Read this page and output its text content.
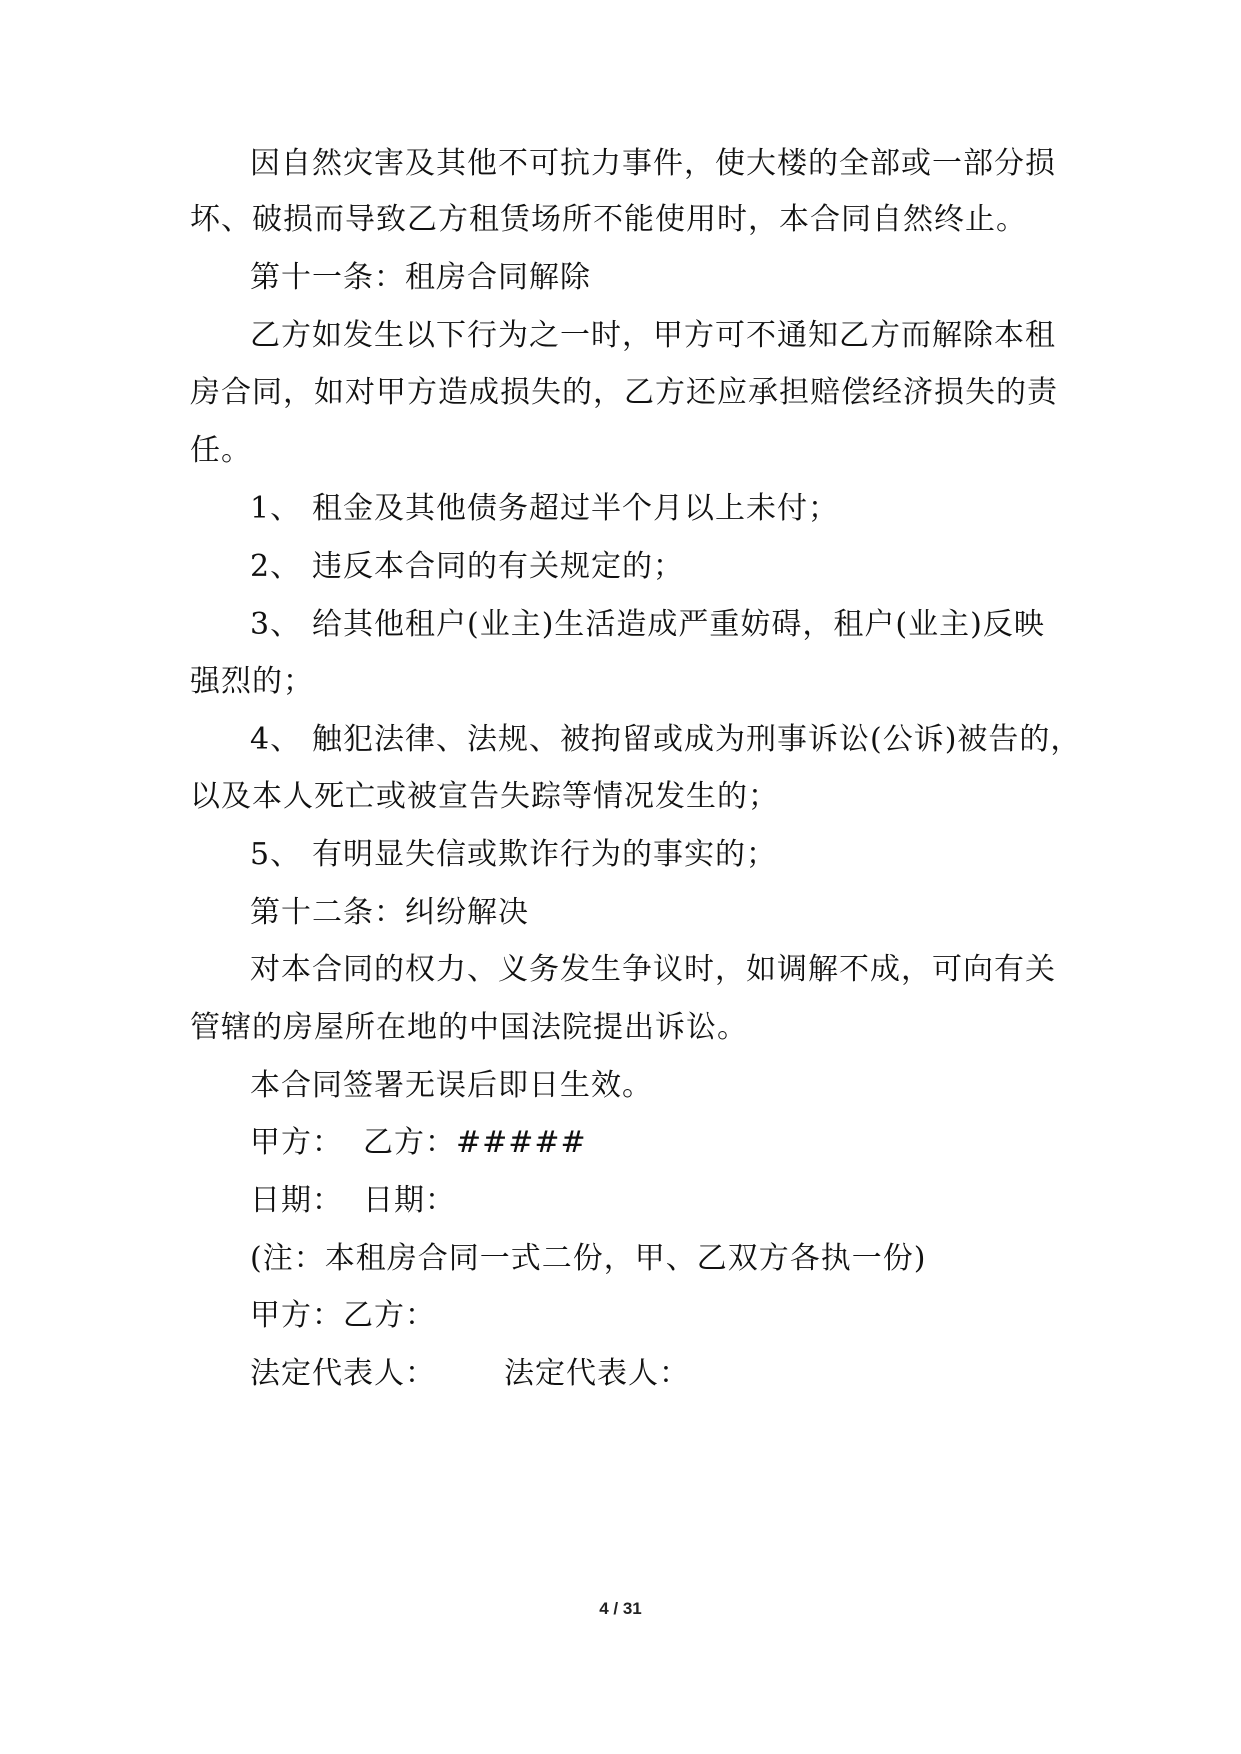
因自然灾害及其他不可抗力事件，使大楼的全部或一部分损
坏、破损而导致乙方租赁场所不能使用时，本合同自然终止。
第十一条：租房合同解除
乙方如发生以下行为之一时，甲方可不通知乙方而解除本租
房合同，如对甲方造成损失的，乙方还应承担赔偿经济损失的责
任。
1、 租金及其他债务超过半个月以上未付；
2、 违反本合同的有关规定的；
3、 给其他租户(业主)生活造成严重妨碍，租户(业主)反映
强烈的；
4、 触犯法律、法规、被拘留或成为刑事诉讼(公诉)被告的，
以及本人死亡或被宣告失踪等情况发生的；
5、 有明显失信或欺诈行为的事实的；
第十二条：纠纷解决
对本合同的权力、义务发生争议时，如调解不成，可向有关
管辖的房屋所在地的中国法院提出诉讼。
本合同签署无误后即日生效。
甲方： 乙方：#####
日期： 日期：
(注：本租房合同一式二份，甲、乙双方各执一份)
甲方：乙方：
法定代表人： 法定代表人：
4 / 31
